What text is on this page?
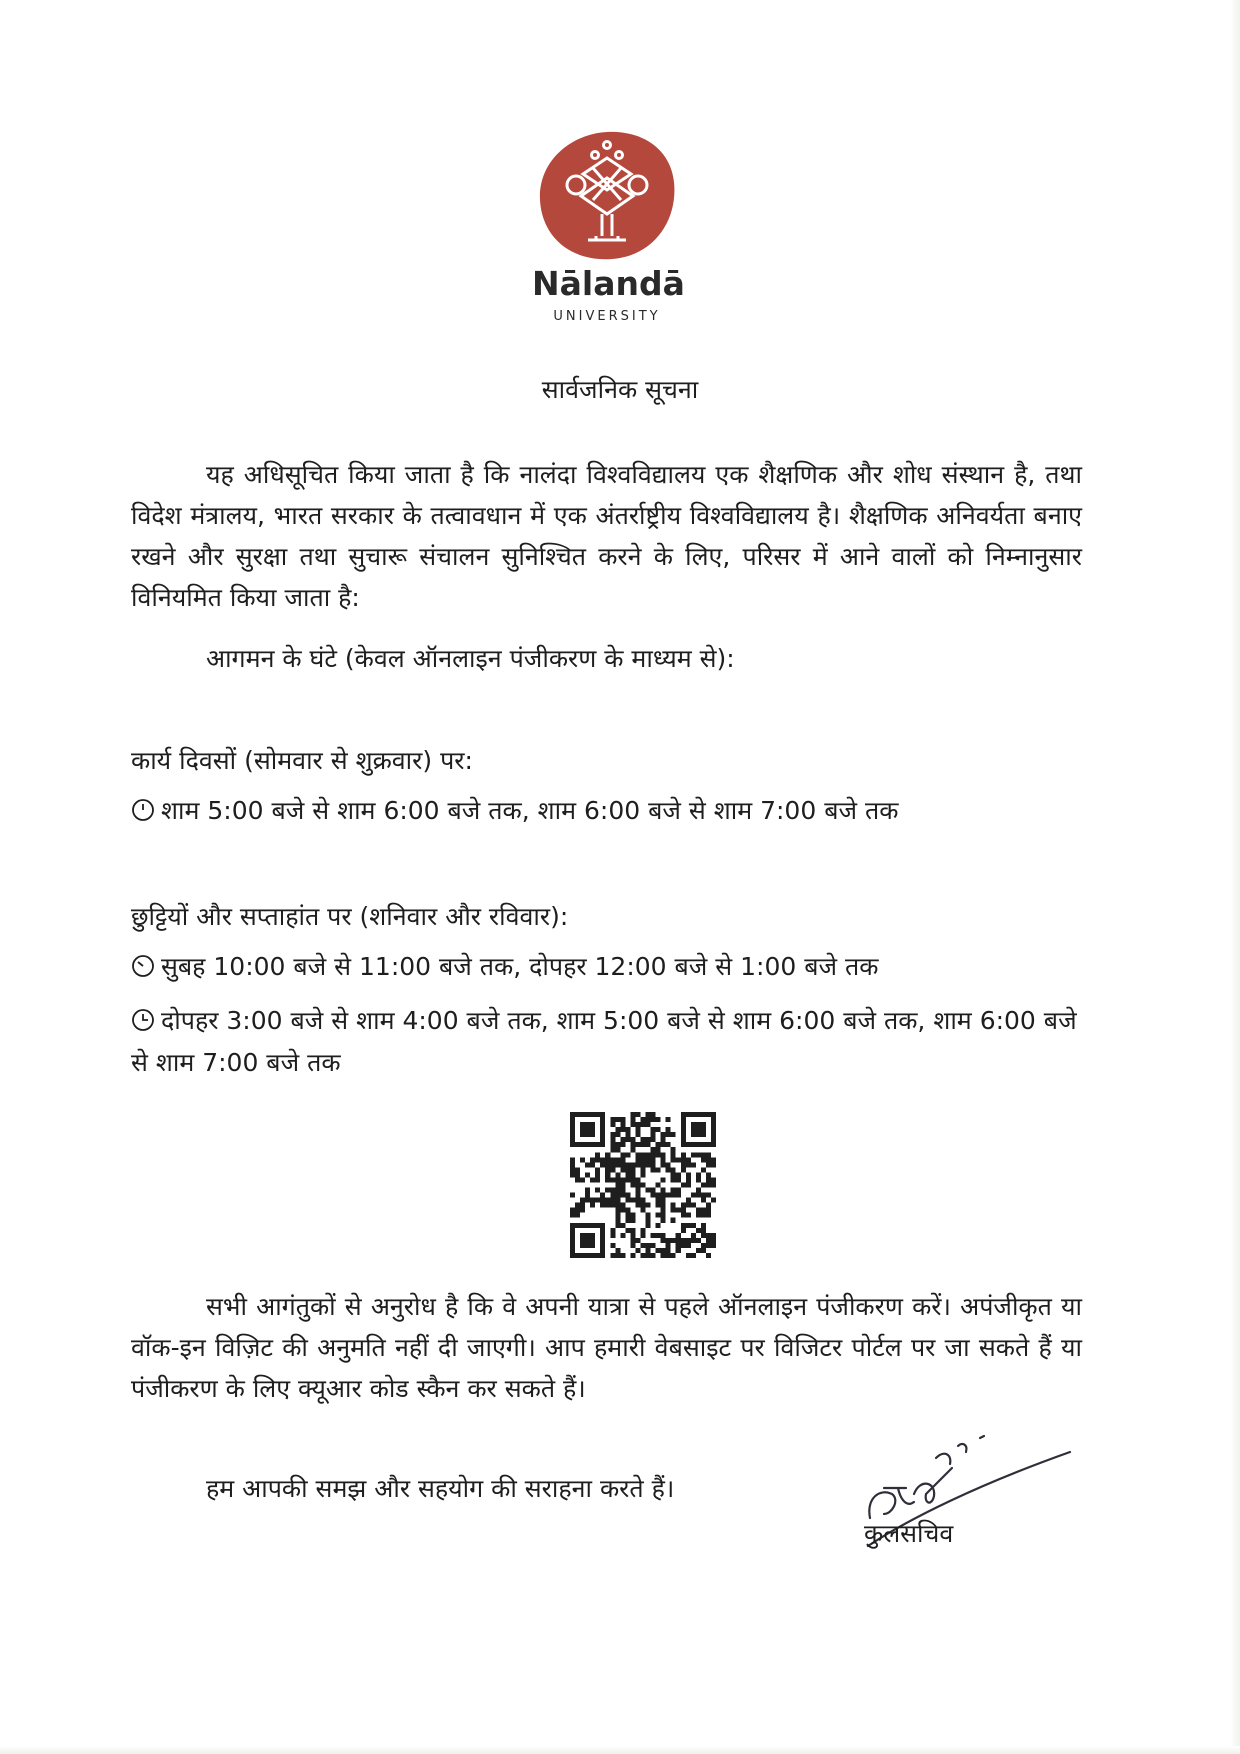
Nālandā
UNIVERSITY
सार्वजनिक सूचना
यह अधिसूचित किया जाता है कि नालंदा विश्वविद्यालय एक शैक्षणिक और शोध संस्थान है, तथा विदेश मंत्रालय, भारत सरकार के तत्वावधान में एक अंतर्राष्ट्रीय विश्वविद्यालय है। शैक्षणिक अनिवर्यता बनाए रखने और सुरक्षा तथा सुचारू संचालन सुनिश्चित करने के लिए, परिसर में आने वालों को निम्नानुसार विनियमित किया जाता है:
आगमन के घंटे (केवल ऑनलाइन पंजीकरण के माध्यम से):
कार्य दिवसों (सोमवार से शुक्रवार) पर:
शाम 5:00 बजे से शाम 6:00 बजे तक, शाम 6:00 बजे से शाम 7:00 बजे तक
छुट्टियों और सप्ताहांत पर (शनिवार और रविवार):
सुबह 10:00 बजे से 11:00 बजे तक, दोपहर 12:00 बजे से 1:00 बजे तक
दोपहर 3:00 बजे से शाम 4:00 बजे तक, शाम 5:00 बजे से शाम 6:00 बजे तक, शाम 6:00 बजे से शाम 7:00 बजे तक
सभी आगंतुकों से अनुरोध है कि वे अपनी यात्रा से पहले ऑनलाइन पंजीकरण करें। अपंजीकृत या वॉक-इन विज़िट की अनुमति नहीं दी जाएगी। आप हमारी वेबसाइट पर विजिटर पोर्टल पर जा सकते हैं या पंजीकरण के लिए क्यूआर कोड स्कैन कर सकते हैं।
हम आपकी समझ और सहयोग की सराहना करते हैं।
कुलसचिव
